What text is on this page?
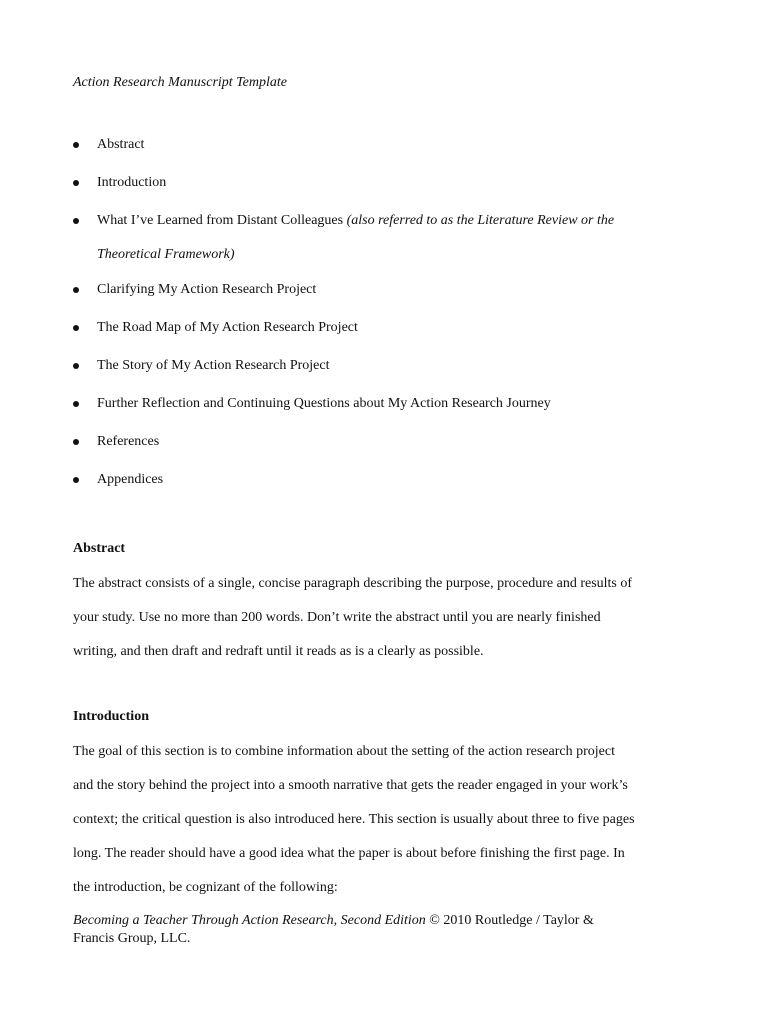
Action Research Manuscript Template
Abstract
Introduction
What I’ve Learned from Distant Colleagues (also referred to as the Literature Review or the
Theoretical Framework)
Clarifying My Action Research Project
The Road Map of My Action Research Project
The Story of My Action Research Project
Further Reflection and Continuing Questions about My Action Research Journey
References
Appendices
Abstract
The abstract consists of a single, concise paragraph describing the purpose, procedure and results of
your study. Use no more than 200 words. Don’t write the abstract until you are nearly finished
writing, and then draft and redraft until it reads as is a clearly as possible.
Introduction
The goal of this section is to combine information about the setting of the action research project
and the story behind the project into a smooth narrative that gets the reader engaged in your work’s
context; the critical question is also introduced here. This section is usually about three to five pages
long. The reader should have a good idea what the paper is about before finishing the first page. In
the introduction, be cognizant of the following:
Becoming a Teacher Through Action Research, Second Edition © 2010 Routledge / Taylor &
Francis Group, LLC.
